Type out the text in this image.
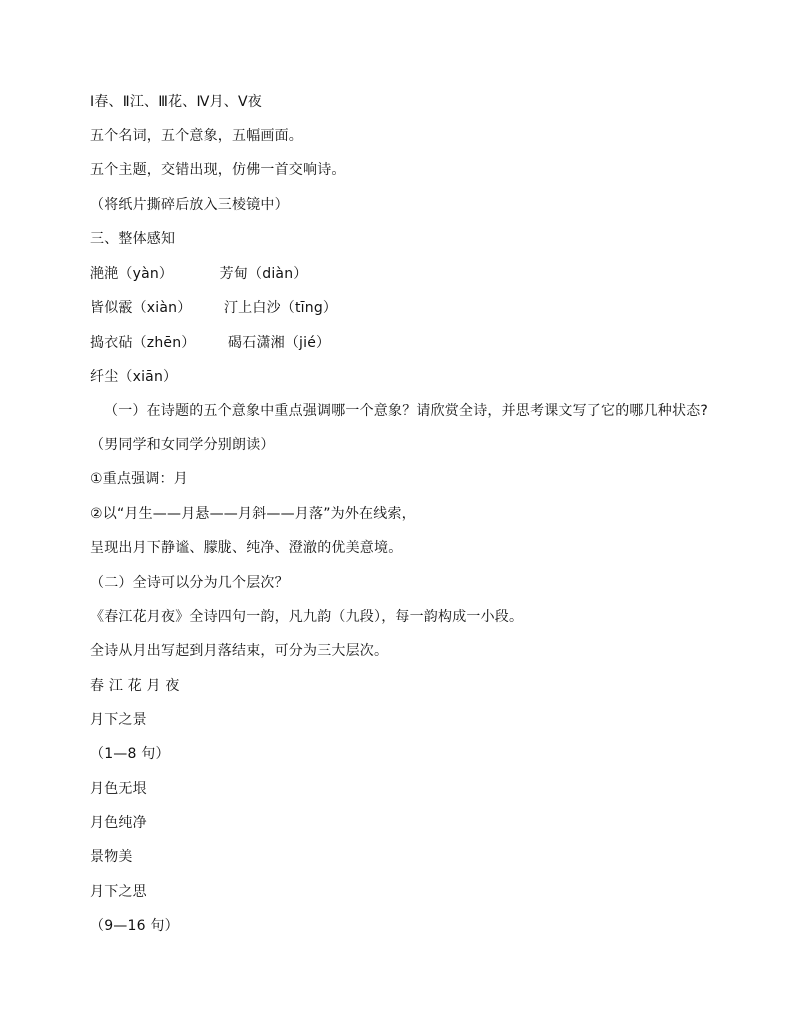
Ⅰ春、Ⅱ江、Ⅲ花、Ⅳ月、Ⅴ夜
五个名词，五个意象，五幅画面。
五个主题，交错出现，仿佛一首交响诗。
（将纸片撕碎后放入三棱镜中）
三、整体感知
滟滟（yàn）          芳甸（diàn）
皆似霰（xiàn）       汀上白沙（tīng）
捣衣砧（zhēn）       碣石潇湘（jié）
纤尘（xiān）
（一）在诗题的五个意象中重点强调哪一个意象？请欣赏全诗，并思考课文写了它的哪几种状态?
（男同学和女同学分别朗读）
①重点强调：月
②以“月生——月悬——月斜——月落”为外在线索，
呈现出月下静谧、朦胧、纯净、澄澈的优美意境。
（二）全诗可以分为几个层次？
《春江花月夜》全诗四句一韵，凡九韵（九段），每一韵构成一小段。
全诗从月出写起到月落结束，可分为三大层次。
春 江 花 月 夜
月下之景
（1—8 句）
月色无垠
月色纯净
景物美
月下之思
（9—16 句）
